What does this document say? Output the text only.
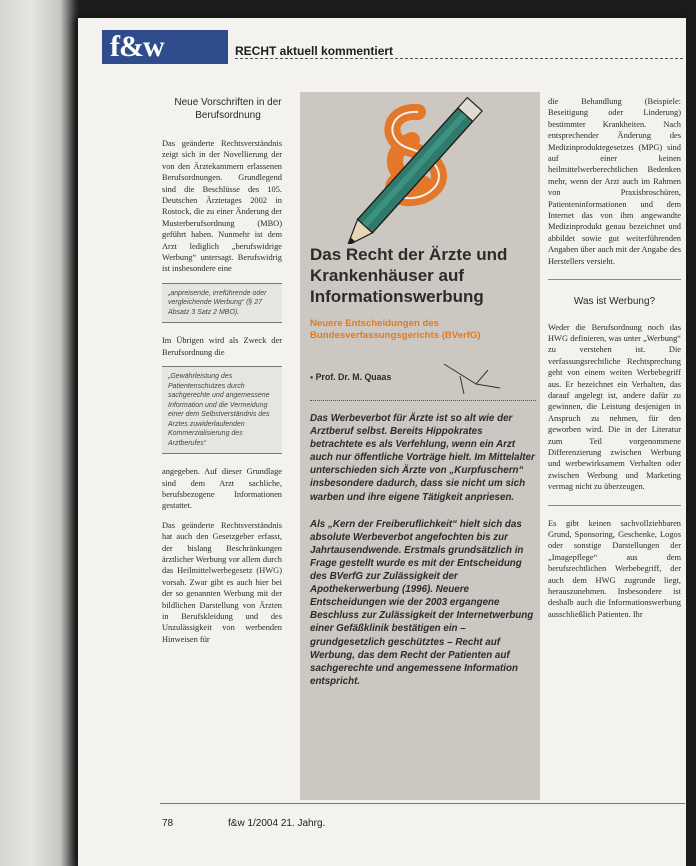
f&w	RECHT aktuell kommentiert
Neue Vorschriften in der Berufsordnung

Das geänderte Rechtsverständnis zeigt sich in der Novellierung der von den Ärztekammern erlassenen Berufsordnungen. Grundlegend sind die Beschlüsse des 105. Deutschen Ärztetages 2002 in Rostock, die zu einer Änderung der Musterberufsordnung (MBO) geführt haben. Nunmehr ist dem Arzt lediglich „berufswidrige Werbung“ untersagt. Berufswidrig ist insbesondere eine

„anpreisende, irreführende oder vergleichende Werbung“ (§ 27 Absatz 3 Satz 2 MBO).

Im Übrigen wird als Zweck der Berufsordnung die

„Gewährleistung des Patientenschutzes durch sachgerechte und angemessene Information und die Vermeidung einer dem Selbstverständnis des Arztes zuwiderlaufenden Kommerzialisierung des Arztberufes“

angegeben. Auf dieser Grundlage sind dem Arzt sachliche, berufsbezogene Informationen gestattet.

Das geänderte Rechtsverständnis hat auch den Gesetzgeber erfasst, der bislang Beschränkungen ärztlicher Werbung vor allem durch das Heilmittelwerbegesetz (HWG) vorsah. Zwar gibt es auch hier bei der so genannten Werbung mit der bildlichen Darstellung von Ärzten in Berufskleidung und des Unzulässigkeit von werbenden Hinweisen für

Das Recht der Ärzte und Krankenhäuser auf Informationswerbung
Neuere Entscheidungen des Bundesverfassungsgerichts (BVerfG)
▪ Prof. Dr. M. Quaas

Das Werbeverbot für Ärzte ist so alt wie der Arztberuf selbst. Bereits Hippokrates betrachtete es als Verfehlung, wenn ein Arzt auch nur öffentliche Vorträge hielt. Im Mittelalter unterschieden sich Ärzte von „Kurpfuschern“ insbesondere dadurch, dass sie nicht um sich warben und ihre eigene Tätigkeit anpriesen.

Als „Kern der Freiberuflichkeit“ hielt sich das absolute Werbeverbot angefochten bis zur Jahrtausendwende. Erstmals grundsätzlich in Frage gestellt wurde es mit der Entscheidung des BVerfG zur Zulässigkeit der Apothekerwerbung (1996). Neuere Entscheidungen wie der 2003 ergangene Beschluss zur Zulässigkeit der Internetwerbung einer Gefäßklinik bestätigen ein – grundgesetzlich geschütztes – Recht auf Werbung, das dem Recht der Patienten auf sachgerechte und angemessene Information entspricht.

die Behandlung (Beispiele: Beseitigung oder Linderung) bestimmter Krankheiten. Nach entsprechender Änderung des Medizinproduktegesetzes (MPG) sind auf einer keinen heilmittelwerberechtlichen Bedenken mehr, wenn der Arzt auch im Rahmen von Praxisbroschüren, Patienteninformationen und dem Internet das von ihm angewandte Medizinprodukt genau bezeichnet und abbildet sowie gut weiterführenden Angaben über auch mit der Angabe des Herstellers versieht.

Was ist Werbung?

Weder die Berufsordnung noch das HWG definieren, was unter „Werbung“ zu verstehen ist. Die verfassungsrechtliche Rechtsprechung geht von einem weiten Werbebegriff aus. Er bezeichnet ein Verhalten, das darauf angelegt ist, andere dafür zu gewinnen, die Leistung desjenigen in Anspruch zu nehmen, für den geworben wird. Die in der Literatur zum Teil vorgenommene Differenzierung zwischen Werbung und werbewirksamem Verhalten oder zwischen Werbung und Marketing vermag nicht zu überzeugen.

Es gibt keinen sachvollziehbaren Grund, Sponsoring, Geschenke, Logos oder sonstige Darstellungen der „Imagepflege“ aus dem berufsrechtlichen Werbebegriff, der auch dem HWG zugrunde liegt, herauszunehmen. Insbesondere ist deshalb auch die Informationswerbung ausschließlich Patienten. Ihr

78	f&w 1/2004 21. Jahrg.
